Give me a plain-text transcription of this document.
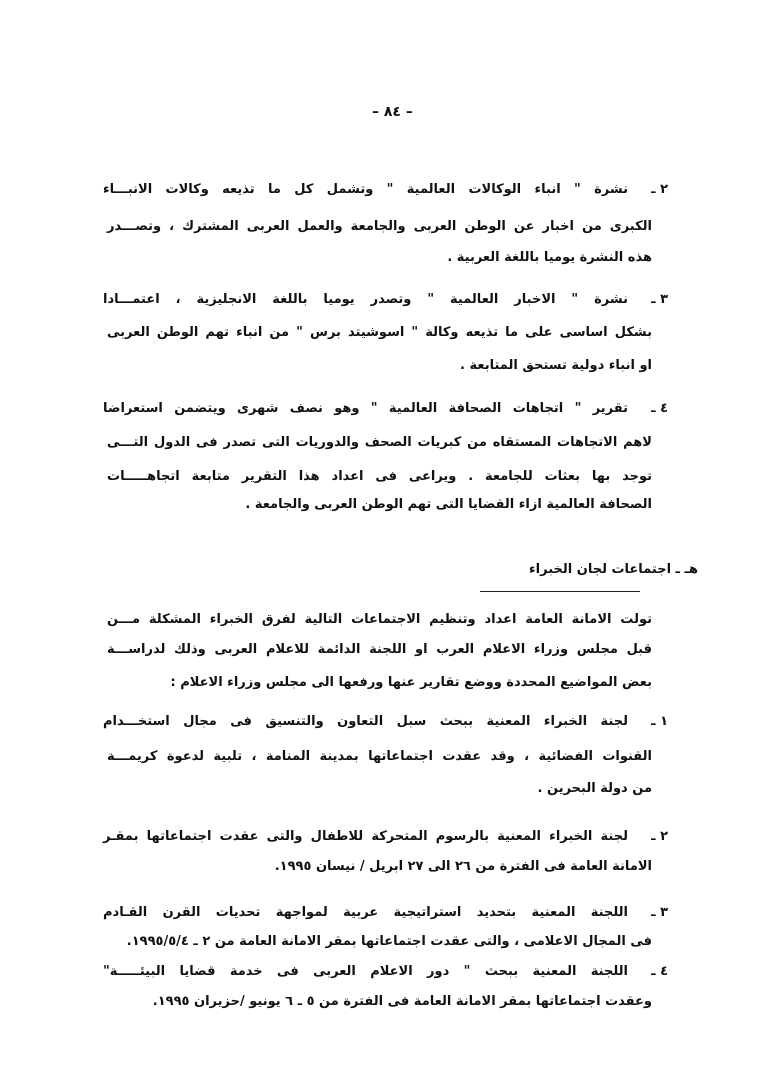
– ٨٤ –
٢ ـ
نشرة " انباء الوكالات العالمية " وتشمل كل ما تذيعه وكالات الانبـــاء
الكبرى من اخبار عن الوطن العربى والجامعة والعمل العربى المشترك ، وتصـــدر
هذه النشرة يوميا باللغة العربية .
٣ ـ
نشرة " الاخبار العالمية " وتصدر يوميا باللغة الانجليزية ، اعتمـــادا
بشكل اساسى على ما تذيعه وكالة " اسوشيتد برس " من انباء تهم الوطن العربى
او انباء دولية تستحق المتابعة .
٤ ـ
تقرير " اتجاهات الصحافة العالمية " وهو نصف شهرى ويتضمن استعراضا
لاهم الاتجاهات المستقاه من كبريات الصحف والدوريات التى تصدر فى الدول التـــى
توجد بها بعثات للجامعة . ويراعى فى اعداد هذا التقرير متابعة اتجاهـــــات
الصحافة العالمية ازاء القضايا التى تهم الوطن العربى والجامعة .
تولت الامانة العامة اعداد وتنظيم الاجتماعات التالية لفرق الخبراء المشكلة مـــن
قبل مجلس وزراء الاعلام العرب او اللجنة الدائمة للاعلام العربى وذلك لدراســـة
بعض المواضيع المحددة ووضع تقارير عنها ورفعها الى مجلس وزراء الاعلام :
١ ـ
لجنة الخبراء المعنية ببحث سبل التعاون والتنسيق فى مجال استخـــدام
القنوات الفضائية ، وقد عقدت اجتماعاتها بمدينة المنامة ، تلبية لدعوة كريمـــة
من دولة البحرين .
٢ ـ
لجنة الخبراء المعنية بالرسوم المتحركة للاطفال والتى عقدت اجتماعاتها بمقـر
الامانة العامة فى الفترة من ٢٦ الى ٢٧ ابريل / نيسان ١٩٩٥.
٣ ـ
اللجنة المعنية بتحديد استراتيجية عربية لمواجهة تحديات القرن القـادم
فى المجال الاعلامى ، والتى عقدت اجتماعاتها بمقر الامانة العامة من ٢ ـ ١٩٩٥/٥/٤.
٤ ـ
اللجنة المعنية ببحث " دور الاعلام العربى فى خدمة قضايا البيئـــــة"
وعقدت اجتماعاتها بمقر الامانة العامة فى الفترة من ٥ ـ ٦ يونيو /حزيران ١٩٩٥.
هـ ـ اجتماعات لجان الخبراء
